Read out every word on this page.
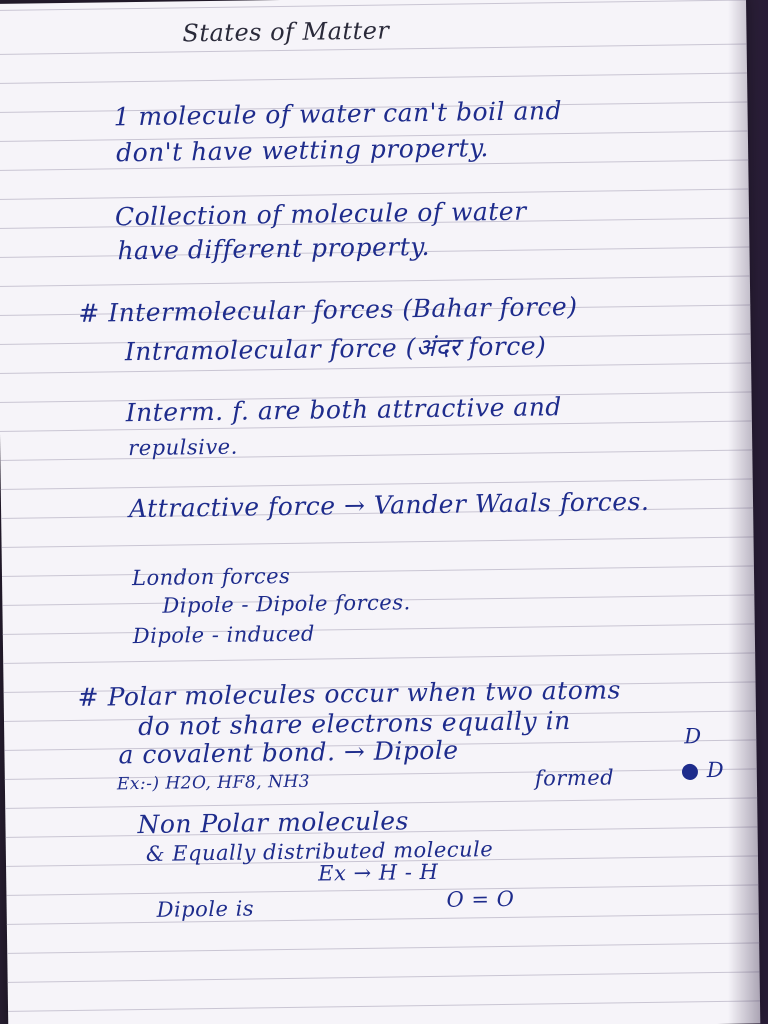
States of Matter
1 molecule of water can't boil and
don't have wetting property.
Collection of molecule of water
have different property.
# Intermolecular forces (Bahar force)
Intramolecular force (अंदर force)
Interm. f. are both attractive and
repulsive.
Attractive force → Vander Waals forces.
London forces
Dipole - Dipole forces.
Dipole - induced
# Polar molecules occur when two atoms
do not share electrons equally in
a covalent bond. → Dipole
Ex:-) H2O, HF8, NH3	formed
D
● D
Non Polar molecules
& Equally distributed molecule
Ex → H - H
O = O
Dipole is
